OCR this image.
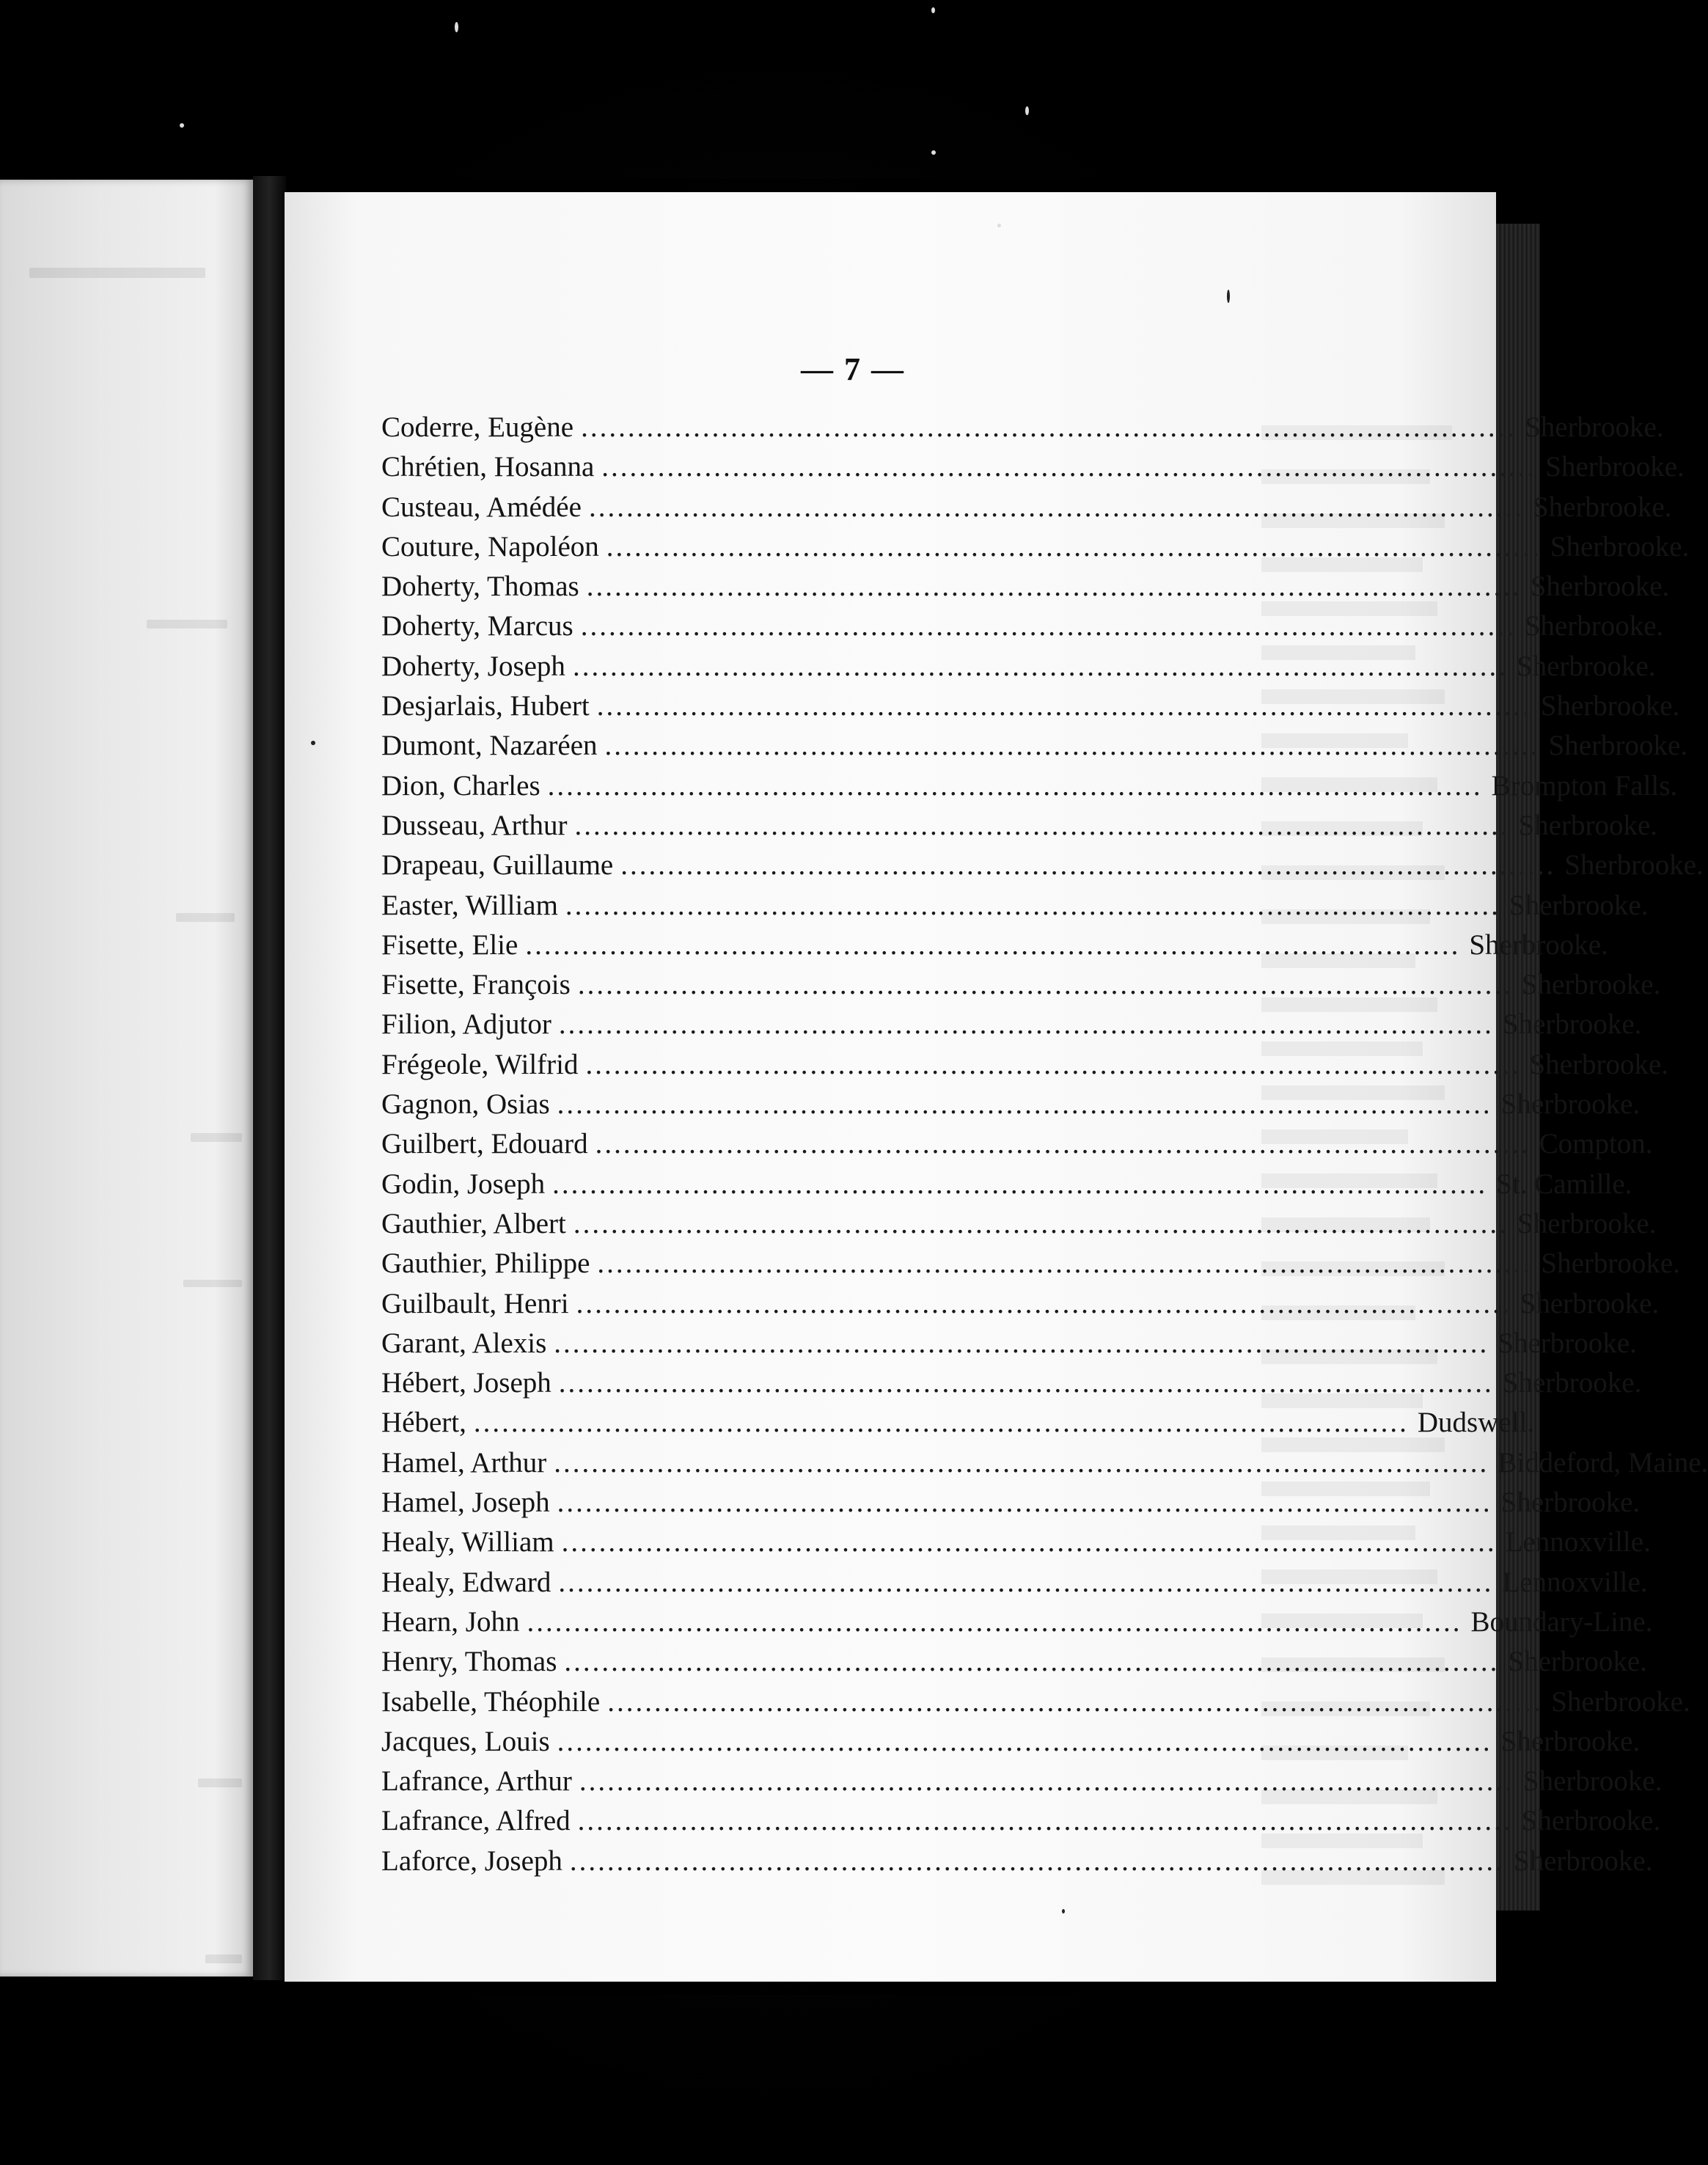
— 7 —
Coderre, Eugène .................................................................................................... Sherbrooke.
Chrétien, Hosanna .................................................................................................... Sherbrooke.
Custeau, Amédée .................................................................................................... Sherbrooke.
Couture, Napoléon .................................................................................................... Sherbrooke.
Doherty, Thomas .................................................................................................... Sherbrooke.
Doherty, Marcus .................................................................................................... Sherbrooke.
Doherty, Joseph .................................................................................................... Sherbrooke.
Desjarlais, Hubert .................................................................................................... Sherbrooke.
Dumont, Nazaréen .................................................................................................... Sherbrooke.
Dion, Charles .................................................................................................... Brompton Falls.
Dusseau, Arthur .................................................................................................... Sherbrooke.
Drapeau, Guillaume .................................................................................................... Sherbrooke.
Easter, William .................................................................................................... Sherbrooke.
Fisette, Elie .................................................................................................... Sherbrooke.
Fisette, François .................................................................................................... Sherbrooke.
Filion, Adjutor .................................................................................................... Sherbrooke.
Frégeole, Wilfrid .................................................................................................... Sherbrooke.
Gagnon, Osias .................................................................................................... Sherbrooke.
Guilbert, Edouard .................................................................................................... Compton.
Godin, Joseph .................................................................................................... St. Camille.
Gauthier, Albert .................................................................................................... Sherbrooke.
Gauthier, Philippe .................................................................................................... Sherbrooke.
Guilbault, Henri .................................................................................................... Sherbrooke.
Garant, Alexis .................................................................................................... Sherbrooke.
Hébert, Joseph .................................................................................................... Sherbrooke.
Hébert, .................................................................................................... Dudswell.
Hamel, Arthur .................................................................................................... Biddeford, Maine.
Hamel, Joseph .................................................................................................... Sherbrooke.
Healy, William .................................................................................................... Lennoxville.
Healy, Edward .................................................................................................... Lennoxville.
Hearn, John .................................................................................................... Boundary-Line.
Henry, Thomas .................................................................................................... Sherbrooke.
Isabelle, Théophile .................................................................................................... Sherbrooke.
Jacques, Louis .................................................................................................... Sherbrooke.
Lafrance, Arthur .................................................................................................... Sherbrooke.
Lafrance, Alfred .................................................................................................... Sherbrooke.
Laforce, Joseph .................................................................................................... Sherbrooke.
